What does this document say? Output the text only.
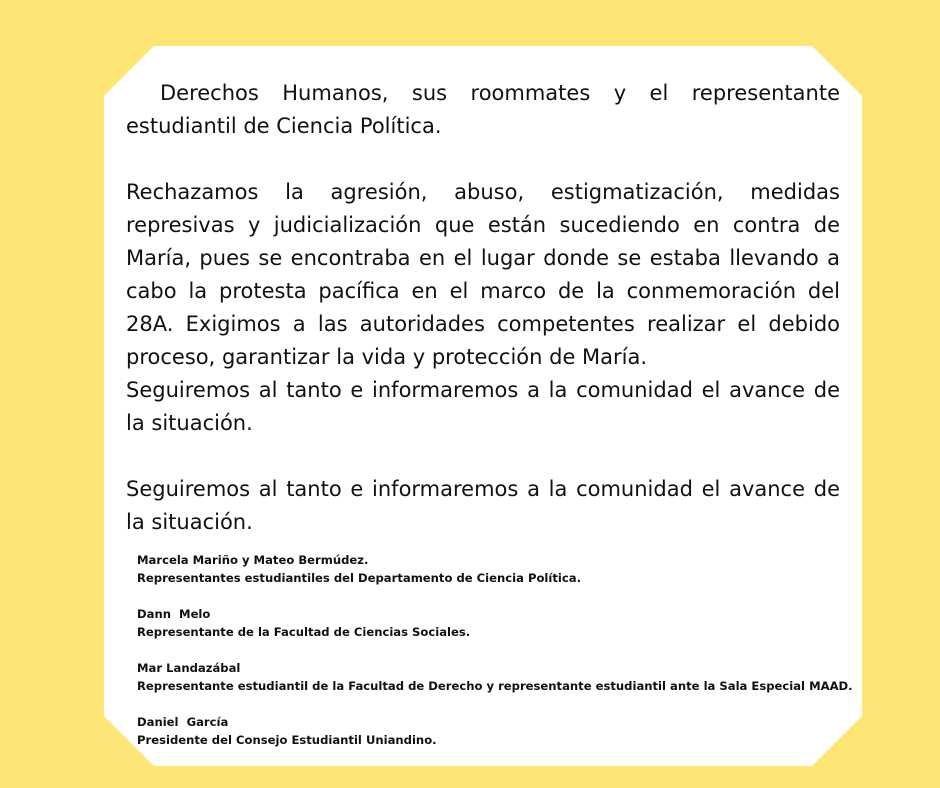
Derechos Humanos, sus roommates y el representante estudiantil de Ciencia Política.

Rechazamos la agresión, abuso, estigmatización, medidas represivas y judicialización que están sucediendo en contra de María, pues se encontraba en el lugar donde se estaba llevando a cabo la protesta pacífica en el marco de la conmemoración del 28A. Exigimos a las autoridades competentes realizar el debido proceso, garantizar la vida y protección de María.

Seguiremos al tanto e informaremos a la comunidad el avance de la situación.

Seguiremos al tanto e informaremos a la comunidad el avance de la situación.

Marcela Mariño y Mateo Bermúdez.
Representantes estudiantiles del Departamento de Ciencia Política.
Dann  Melo
Representante de la Facultad de Ciencias Sociales.
Mar Landazábal
Representante estudiantil de la Facultad de Derecho y representante estudiantil ante la Sala Especial MAAD.
Daniel  García
Presidente del Consejo Estudiantil Uniandino.
